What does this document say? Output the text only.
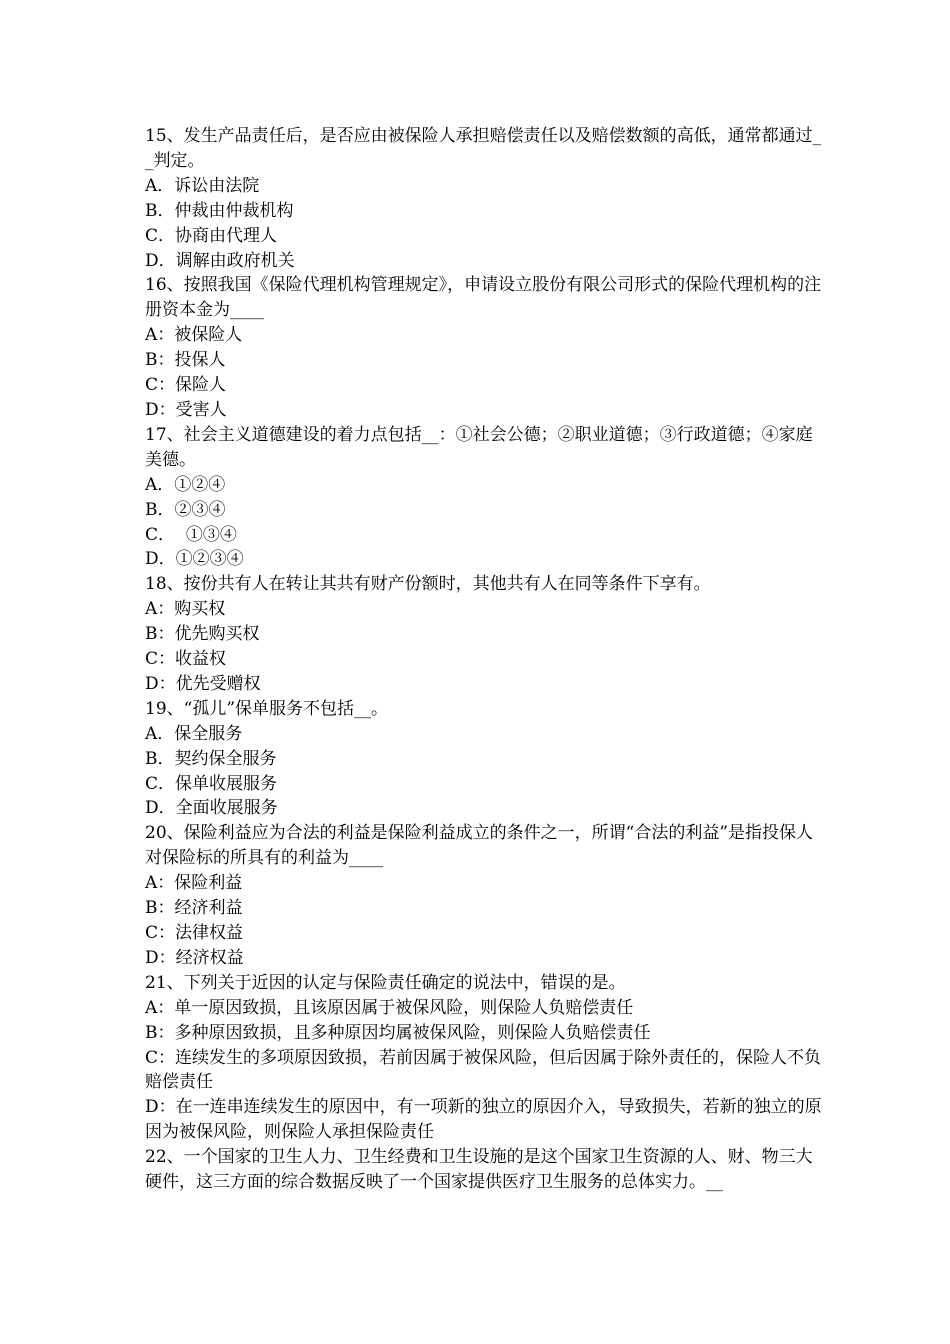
15、发生产品责任后，是否应由被保险人承担赔偿责任以及赔偿数额的高低，通常都通过__判定。

A．诉讼由法院

B．仲裁由仲裁机构

C．协商由代理人

D．调解由政府机关

16、按照我国《保险代理机构管理规定》，申请设立股份有限公司形式的保险代理机构的注册资本金为____

A：被保险人

B：投保人

C：保险人

D：受害人

17、社会主义道德建设的着力点包括__：①社会公德；②职业道德；③行政道德；④家庭美德。

A．①②④

B．②③④

C．  ①③④

D．①②③④

18、按份共有人在转让其共有财产份额时，其他共有人在同等条件下享有。

A：购买权

B：优先购买权

C：收益权

D：优先受赠权

19、“孤儿”保单服务不包括__。

A．保全服务

B．契约保全服务

C．保单收展服务

D．全面收展服务

20、保险利益应为合法的利益是保险利益成立的条件之一，所谓“合法的利益”是指投保人对保险标的所具有的利益为____

A：保险利益

B：经济利益

C：法律权益

D：经济权益

21、下列关于近因的认定与保险责任确定的说法中，错误的是。

A：单一原因致损，且该原因属于被保风险，则保险人负赔偿责任

B：多种原因致损，且多种原因均属被保风险，则保险人负赔偿责任

C：连续发生的多项原因致损，若前因属于被保风险，但后因属于除外责任的，保险人不负赔偿责任

D：在一连串连续发生的原因中，有一项新的独立的原因介入，导致损失，若新的独立的原因为被保风险，则保险人承担保险责任

22、一个国家的卫生人力、卫生经费和卫生设施的是这个国家卫生资源的人、财、物三大硬件，这三方面的综合数据反映了一个国家提供医疗卫生服务的总体实力。__
